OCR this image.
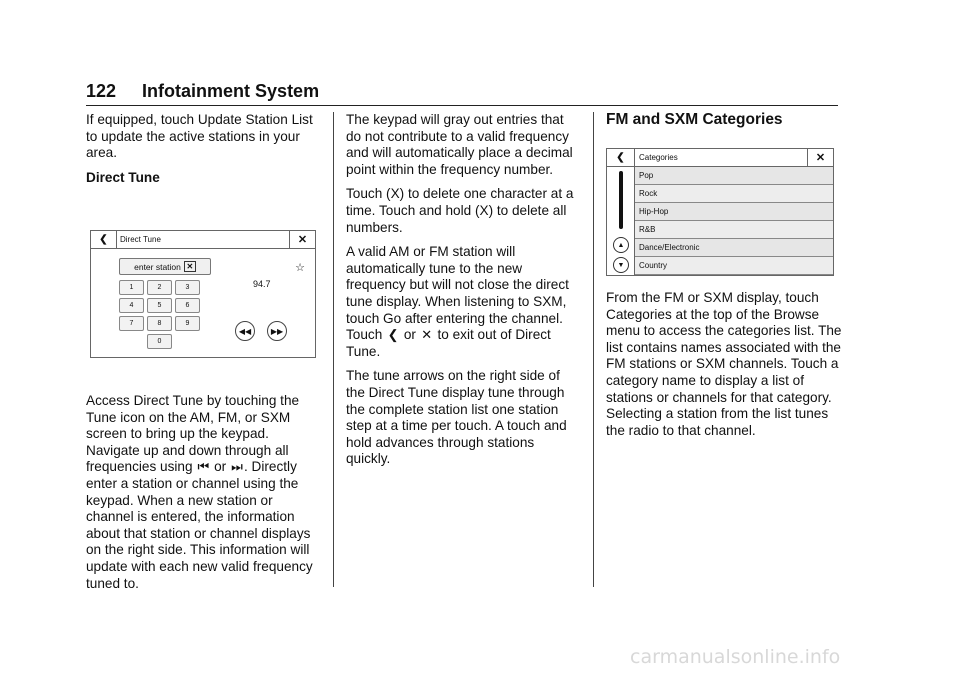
122 Infotainment System

If equipped, touch Update Station List to update the active stations in your area.

Direct Tune

❮	Direct Tune	✕
enter station ✕
1	2	3
4	5	6
7	8	9
0
94.7
☆
◀◀	▶▶

Access Direct Tune by touching the Tune icon on the AM, FM, or SXM screen to bring up the keypad. Navigate up and down through all frequencies using ⏮ or ⏭. Directly enter a station or channel using the keypad. When a new station or channel is entered, the information about that station or channel displays on the right side. This information will update with each new valid frequency tuned to.

The keypad will gray out entries that do not contribute to a valid frequency and will automatically place a decimal point within the frequency number.

Touch (X) to delete one character at a time. Touch and hold (X) to delete all numbers.

A valid AM or FM station will automatically tune to the new frequency but will not close the direct tune display. When listening to SXM, touch Go after entering the channel. Touch ❮ or ✕ to exit out of Direct Tune.

The tune arrows on the right side of the Direct Tune display tune through the complete station list one station step at a time per touch. A touch and hold advances through stations quickly.

FM and SXM Categories

❮
▲
▼
Categories	✕
Pop
Rock
Hip-Hop
R&B
Dance/Electronic
Country

From the FM or SXM display, touch Categories at the top of the Browse menu to access the categories list. The list contains names associated with the FM stations or SXM channels. Touch a category name to display a list of stations or channels for that category. Selecting a station from the list tunes the radio to that channel.

carmanualsonline.info
